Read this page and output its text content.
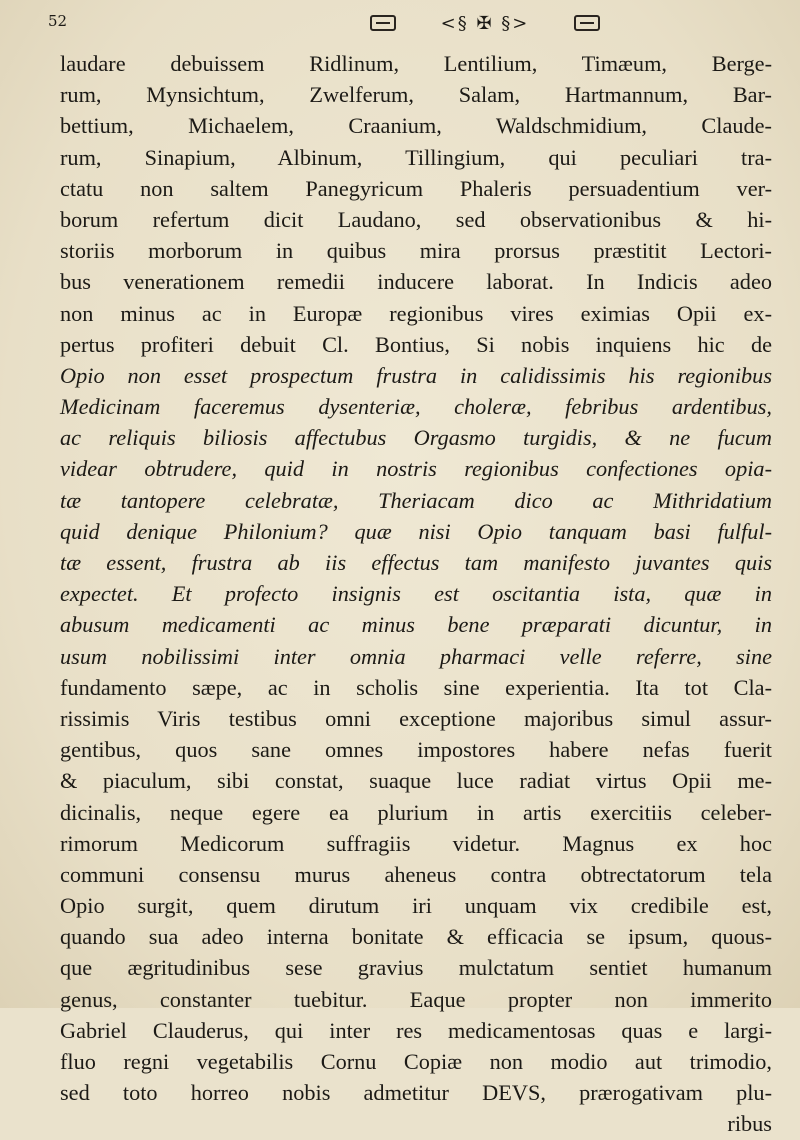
52	<§ ✠ §>
laudare debuissem Ridlinum, Lentilium, Timæum, Berge-
rum, Mynsichtum, Zwelferum, Salam, Hartmannum, Bar-
bettium, Michaelem, Craanium, Waldschmidium, Claude-
rum, Sinapium, Albinum, Tillingium, qui peculiari tra-
ctatu non saltem Panegyricum Phaleris persuadentium ver-
borum refertum dicit Laudano, sed observationibus & hi-
storiis morborum in quibus mira prorsus præstitit Lectori-
bus venerationem remedii inducere laborat. In Indicis adeo
non minus ac in Europæ regionibus vires eximias Opii ex-
pertus profiteri debuit Cl. Bontius, Si nobis inquiens hic de
Opio non esset prospectum frustra in calidissimis his regionibus
Medicinam faceremus dysenteriæ, choleræ, febribus ardentibus,
ac reliquis biliosis affectubus Orgasmo turgidis, & ne fucum
videar obtrudere, quid in nostris regionibus confectiones opia-
tæ tantopere celebratæ, Theriacam dico ac Mithridatium
quid denique Philonium? quæ nisi Opio tanquam basi fulful-
tæ essent, frustra ab iis effectus tam manifesto juvantes quis
expectet. Et profecto insignis est oscitantia ista, quæ in
abusum medicamenti ac minus bene præparati dicuntur, in
usum nobilissimi inter omnia pharmaci velle referre, sine
fundamento sæpe, ac in scholis sine experientia. Ita tot Cla-
rissimis Viris testibus omni exceptione majoribus simul assur-
gentibus, quos sane omnes impostores habere nefas fuerit
& piaculum, sibi constat, suaque luce radiat virtus Opii me-
dicinalis, neque egere ea plurium in artis exercitiis celeber-
rimorum Medicorum suffragiis videtur. Magnus ex hoc
communi consensu murus aheneus contra obtrectatorum tela
Opio surgit, quem dirutum iri unquam vix credibile est,
quando sua adeo interna bonitate & efficacia se ipsum, quous-
que ægritudinibus sese gravius mulctatum sentiet humanum
genus, constanter tuebitur. Eaque propter non immerito
Gabriel Clauderus, qui inter res medicamentosas quas e largi-
fluo regni vegetabilis Cornu Copiæ non modio aut trimodio,
sed toto horreo nobis admetitur DEVS, prærogativam plu-
ribus
